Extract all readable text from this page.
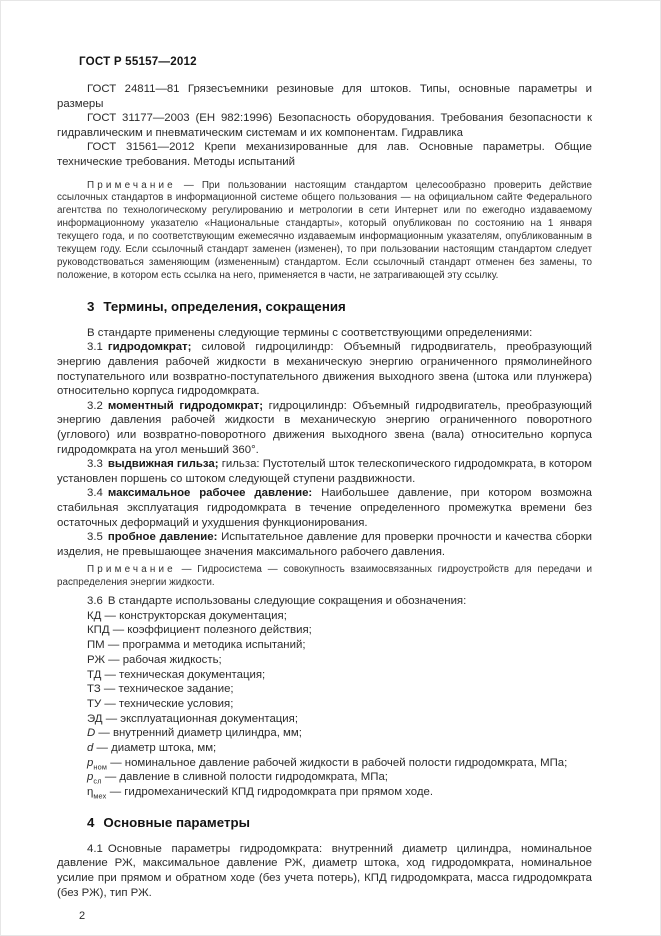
ГОСТ Р 55157—2012

ГОСТ 24811—81 Грязесъемники резиновые для штоков. Типы, основные параметры и размеры

ГОСТ 31177—2003 (ЕН 982:1996) Безопасность оборудования. Требования безопасности к гидравлическим и пневматическим системам и их компонентам. Гидравлика

ГОСТ 31561—2012 Крепи механизированные для лав. Основные параметры. Общие технические требования. Методы испытаний

Примечание — При пользовании настоящим стандартом целесообразно проверить действие ссылочных стандартов в информационной системе общего пользования — на официальном сайте Федерального агентства по технологическому регулированию и метрологии в сети Интернет или по ежегодно издаваемому информационному указателю «Национальные стандарты», который опубликован по состоянию на 1 января текущего года, и по соответствующим ежемесячно издаваемым информационным указателям, опубликованным в текущем году. Если ссылочный стандарт заменен (изменен), то при пользовании настоящим стандартом следует руководствоваться заменяющим (измененным) стандартом. Если ссылочный стандарт отменен без замены, то положение, в котором есть ссылка на него, применяется в части, не затрагивающей эту ссылку.

3 Термины, определения, сокращения

В стандарте применены следующие термины с соответствующими определениями:

3.1 гидродомкрат; силовой гидроцилиндр: Объемный гидродвигатель, преобразующий энергию давления рабочей жидкости в механическую энергию ограниченного прямолинейного поступательного или возвратно-поступательного движения выходного звена (штока или плунжера) относительно корпуса гидродомкрата.

3.2 моментный гидродомкрат; гидроцилиндр: Объемный гидродвигатель, преобразующий энергию давления рабочей жидкости в механическую энергию ограниченного поворотного (углового) или возвратно-поворотного движения выходного звена (вала) относительно корпуса гидродомкрата на угол меньший 360°.

3.3 выдвижная гильза; гильза: Пустотелый шток телескопического гидродомкрата, в котором установлен поршень со штоком следующей ступени раздвижности.

3.4 максимальное рабочее давление: Наибольшее давление, при котором возможна стабильная эксплуатация гидродомкрата в течение определенного промежутка времени без остаточных деформаций и ухудшения функционирования.

3.5 пробное давление: Испытательное давление для проверки прочности и качества сборки изделия, не превышающее значения максимального рабочего давления.

Примечание — Гидросистема — совокупность взаимосвязанных гидроустройств для передачи и распределения энергии жидкости.

3.6 В стандарте использованы следующие сокращения и обозначения:

КД — конструкторская документация;

КПД — коэффициент полезного действия;

ПМ — программа и методика испытаний;

РЖ — рабочая жидкость;

ТД — техническая документация;

ТЗ — техническое задание;

ТУ — технические условия;

ЭД — эксплуатационная документация;

D — внутренний диаметр цилиндра, мм;

d — диаметр штока, мм;

$p_{ном}$ — номинальное давление рабочей жидкости в рабочей полости гидродомкрата, МПа;

$p_{сл}$ — давление в сливной полости гидродомкрата, МПа;

$\eta_{мех}$ — гидромеханический КПД гидродомкрата при прямом ходе.

4 Основные параметры

4.1 Основные параметры гидродомкрата: внутренний диаметр цилиндра, номинальное давление РЖ, максимальное давление РЖ, диаметр штока, ход гидродомкрата, номинальное усилие при прямом и обратном ходе (без учета потерь), КПД гидродомкрата, масса гидродомкрата (без РЖ), тип РЖ.

2
